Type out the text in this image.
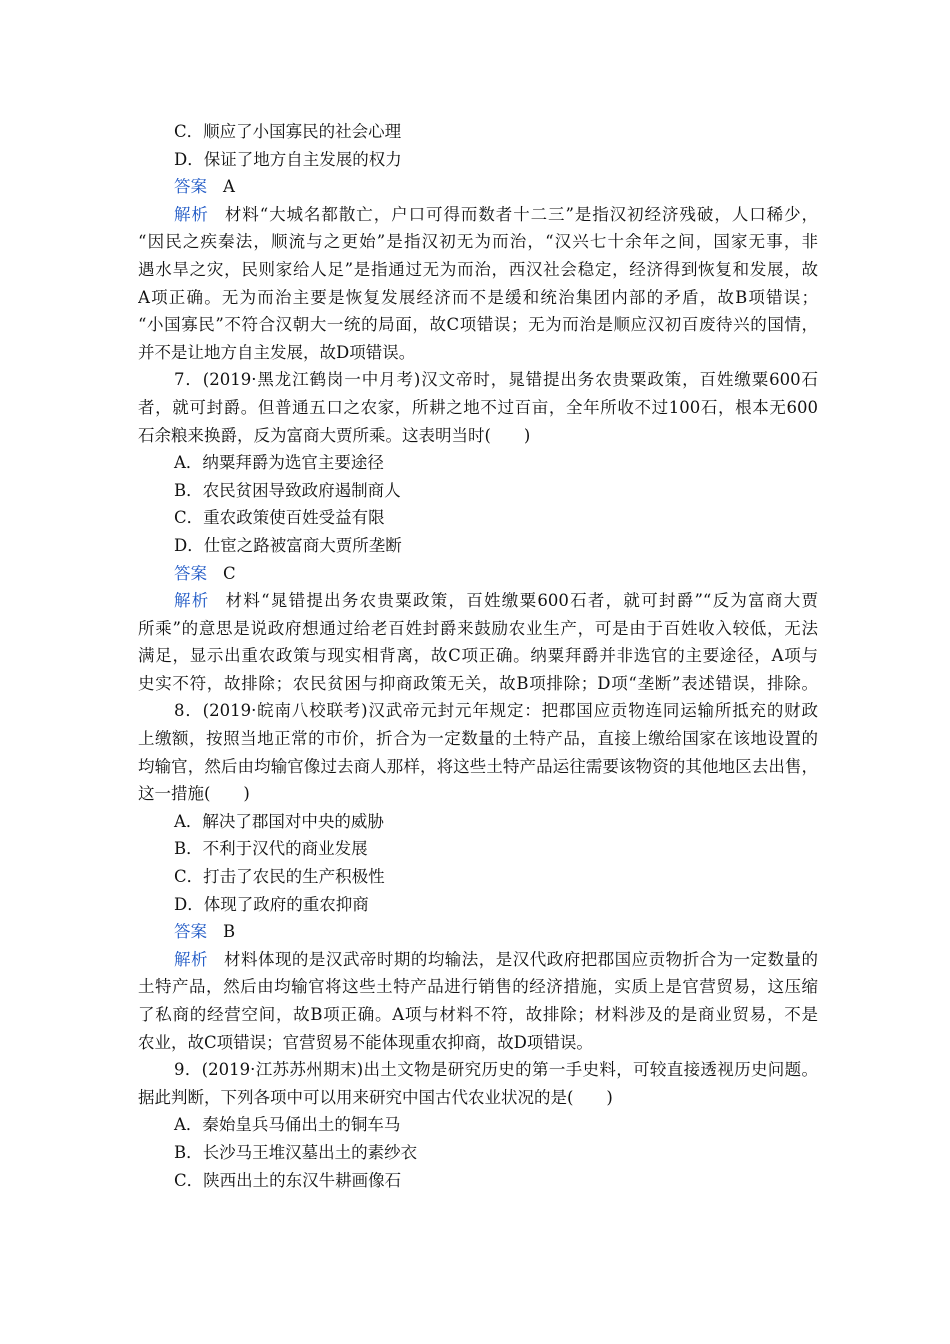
C．顺应了小国寡民的社会心理
D．保证了地方自主发展的权力
答案 A
解析 材料“大城名都散亡，户口可得而数者十二三”是指汉初经济残破，人口稀少，
“因民之疾秦法，顺流与之更始”是指汉初无为而治，“汉兴七十余年之间，国家无事，非
遇水旱之灾，民则家给人足”是指通过无为而治，西汉社会稳定，经济得到恢复和发展，故
A项正确。无为而治主要是恢复发展经济而不是缓和统治集团内部的矛盾，故B项错误；
“小国寡民”不符合汉朝大一统的局面，故C项错误；无为而治是顺应汉初百废待兴的国情，
并不是让地方自主发展，故D项错误。
7．(2019·黑龙江鹤岗一中月考)汉文帝时，晁错提出务农贵粟政策，百姓缴粟600石
者，就可封爵。但普通五口之农家，所耕之地不过百亩，全年所收不过100石，根本无600
石余粮来换爵，反为富商大贾所乘。这表明当时(　　)
A．纳粟拜爵为选官主要途径
B．农民贫困导致政府遏制商人
C．重农政策使百姓受益有限
D．仕宦之路被富商大贾所垄断
答案 C
解析 材料“晁错提出务农贵粟政策，百姓缴粟600石者，就可封爵”“反为富商大贾
所乘”的意思是说政府想通过给老百姓封爵来鼓励农业生产，可是由于百姓收入较低，无法
满足，显示出重农政策与现实相背离，故C项正确。纳粟拜爵并非选官的主要途径，A项与
史实不符，故排除；农民贫困与抑商政策无关，故B项排除；D项“垄断”表述错误，排除。
8．(2019·皖南八校联考)汉武帝元封元年规定：把郡国应贡物连同运输所抵充的财政
上缴额，按照当地正常的市价，折合为一定数量的土特产品，直接上缴给国家在该地设置的
均输官，然后由均输官像过去商人那样，将这些土特产品运往需要该物资的其他地区去出售，
这一措施(　　)
A．解决了郡国对中央的威胁
B．不利于汉代的商业发展
C．打击了农民的生产积极性
D．体现了政府的重农抑商
答案 B
解析 材料体现的是汉武帝时期的均输法，是汉代政府把郡国应贡物折合为一定数量的
土特产品，然后由均输官将这些土特产品进行销售的经济措施，实质上是官营贸易，这压缩
了私商的经营空间，故B项正确。A项与材料不符，故排除；材料涉及的是商业贸易，不是
农业，故C项错误；官营贸易不能体现重农抑商，故D项错误。
9．(2019·江苏苏州期末)出土文物是研究历史的第一手史料，可较直接透视历史问题。
据此判断，下列各项中可以用来研究中国古代农业状况的是(　　)
A．秦始皇兵马俑出土的铜车马
B．长沙马王堆汉墓出土的素纱衣
C．陕西出土的东汉牛耕画像石
